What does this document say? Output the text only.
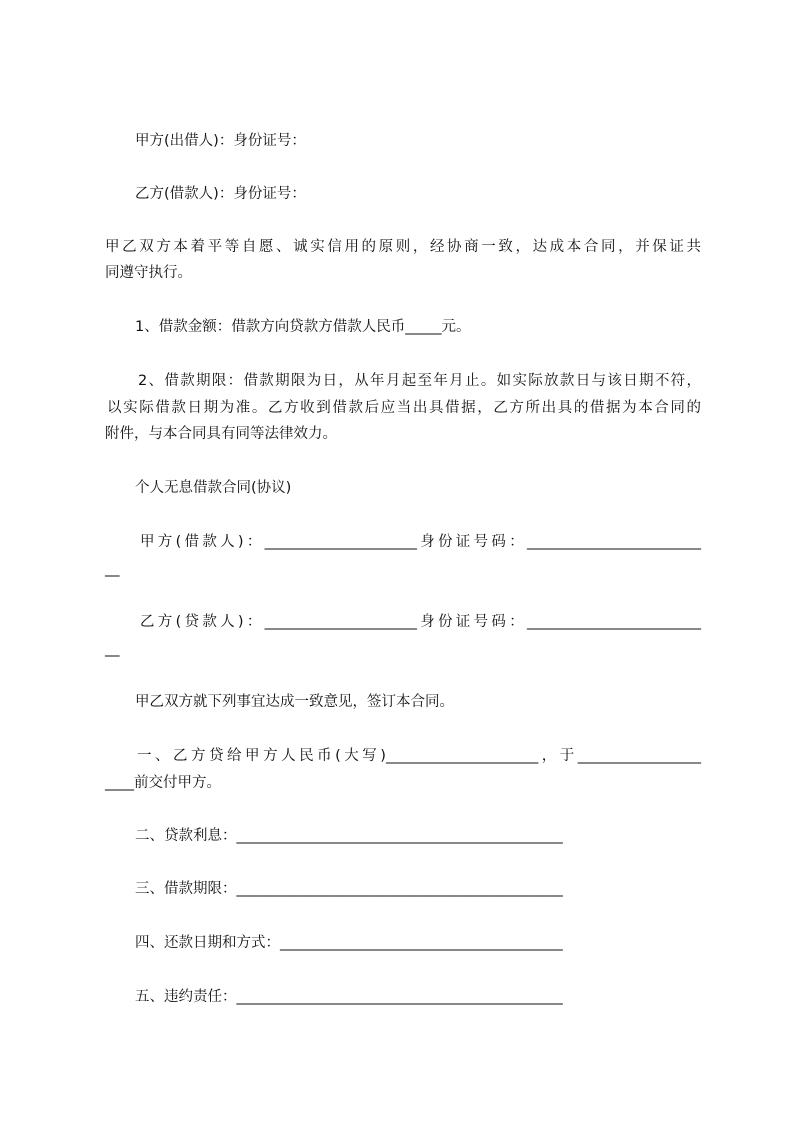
甲方(出借人)：身份证号：
乙方(借款人)：身份证号：
甲乙双方本着平等自愿、诚实信用的原则，经协商一致，达成本合同，并保证共
同遵守执行。
1、借款金额：借款方向贷款方借款人民币_____元。
2、借款期限：借款期限为日，从年月起至年月止。如实际放款日与该日期不符，
以实际借款日期为准。乙方收到借款后应当出具借据，乙方所出具的借据为本合同的
附件，与本合同具有同等法律效力。
个人无息借款合同(协议)
甲方(借款人)：_____________________身份证号码：________________________
__
乙方(贷款人)：_____________________身份证号码：________________________
__
甲乙双方就下列事宜达成一致意见，签订本合同。
一、乙方贷给甲方人民币(大写)_____________________，于_________________
____前交付甲方。
二、贷款利息：_____________________________________________
三、借款期限：_____________________________________________
四、还款日期和方式：_______________________________________
五、违约责任：_____________________________________________
